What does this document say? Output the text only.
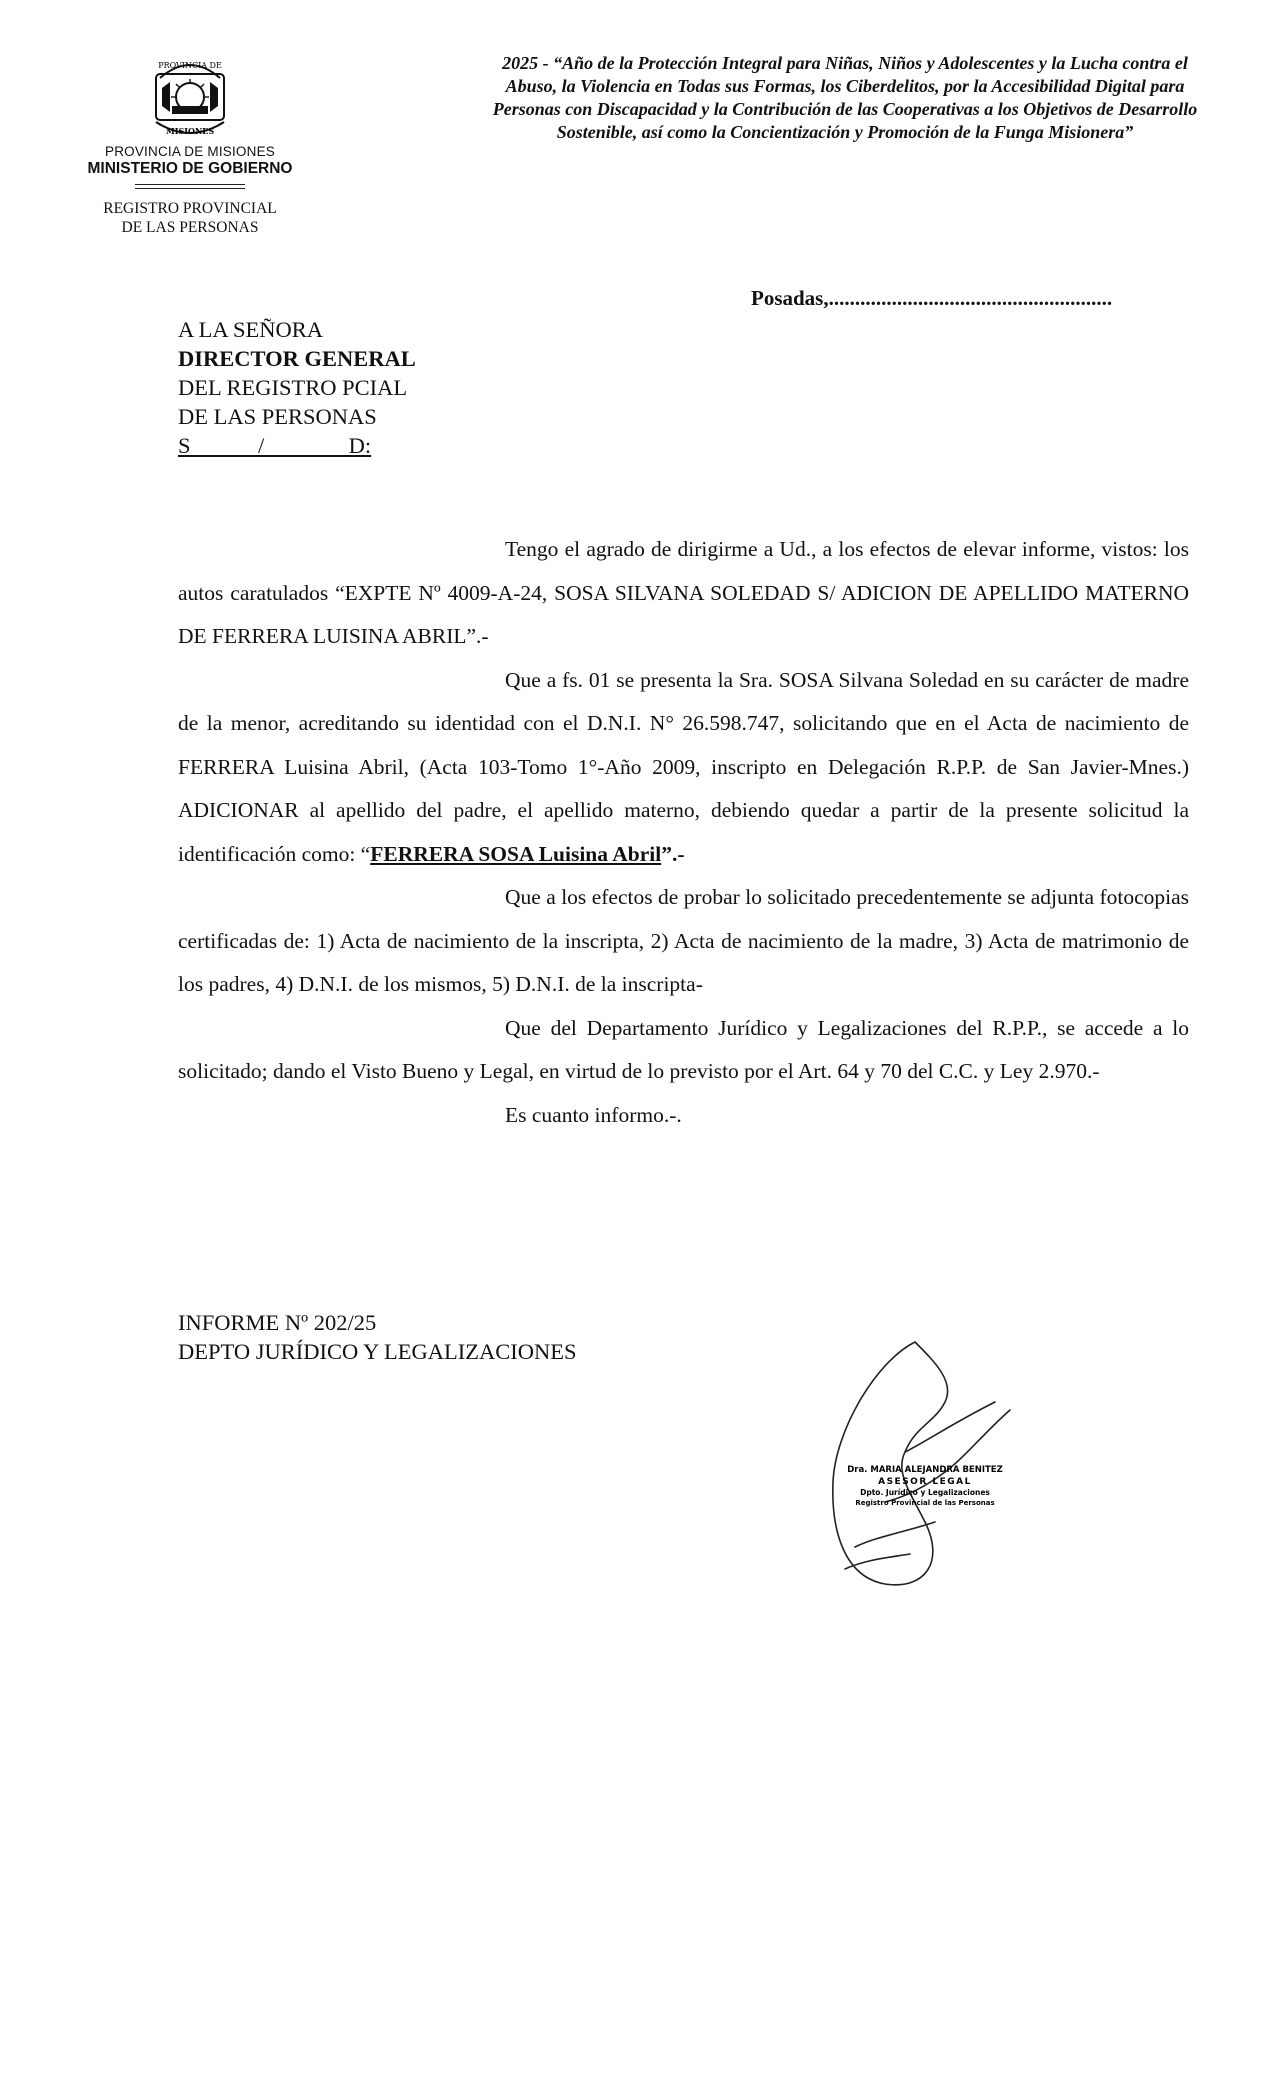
PROVINCIA DE
MISIONES
PROVINCIA DE MISIONES
MINISTERIO DE GOBIERNO
REGISTRO PROVINCIAL
DE LAS PERSONAS
2025 - “Año de la Protección Integral para Niñas, Niños y Adolescentes y la Lucha contra el Abuso, la Violencia en Todas sus Formas, los Ciberdelitos, por la Accesibilidad Digital para Personas con Discapacidad y la Contribución de las Cooperativas a los Objetivos de Desarrollo Sostenible, así como la Concientización y Promoción de la Funga Misionera”
Posadas,......................................................
A LA SEÑORA
DIRECTOR GENERAL
DEL REGISTRO PCIAL
DE LAS PERSONAS
S            /               D:

Tengo el agrado de dirigirme a Ud., a los efectos de elevar informe, vistos: los autos caratulados “EXPTE Nº 4009-A-24, SOSA SILVANA SOLEDAD S/ ADICION DE APELLIDO MATERNO DE FERRERA LUISINA ABRIL”.-

Que a fs. 01 se presenta la Sra. SOSA Silvana Soledad en su carácter de madre de la menor, acreditando su identidad con el D.N.I. N° 26.598.747, solicitando que en el Acta de nacimiento de FERRERA Luisina Abril, (Acta 103-Tomo 1°-Año 2009, inscripto en Delegación R.P.P. de San Javier-Mnes.) ADICIONAR al apellido del padre, el apellido materno, debiendo quedar a partir de la presente solicitud la identificación como: “FERRERA SOSA Luisina Abril”.-

Que a los efectos de probar lo solicitado precedentemente se adjunta fotocopias certificadas de: 1) Acta de nacimiento de la inscripta, 2) Acta de nacimiento de la madre, 3) Acta de matrimonio de los padres, 4) D.N.I. de los mismos, 5) D.N.I. de la inscripta-

Que del Departamento Jurídico y Legalizaciones del R.P.P., se accede a lo solicitado; dando el Visto Bueno y Legal, en virtud de lo previsto por el Art. 64 y 70 del C.C. y Ley 2.970.-

Es cuanto informo.-.

INFORME Nº 202/25
DEPTO JURÍDICO Y LEGALIZACIONES
Dra. MARIA ALEJANDRA BENITEZ
ASESOR LEGAL
Dpto. Jurídico y Legalizaciones
Registro Provincial de las Personas
